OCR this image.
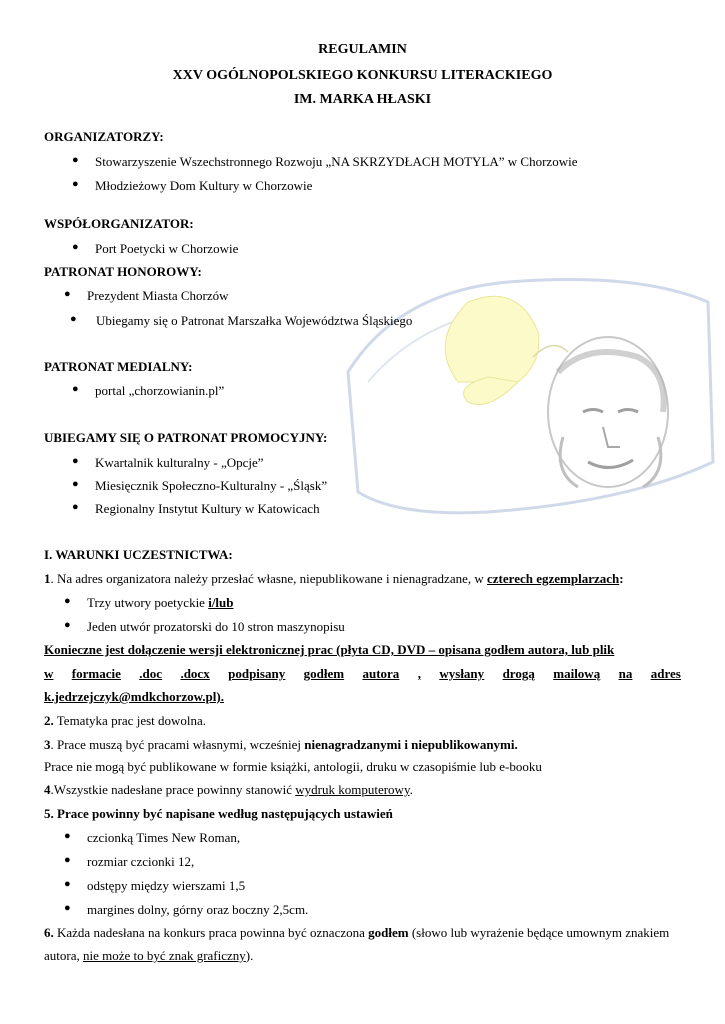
REGULAMIN
XXV OGÓLNOPOLSKIEGO KONKURSU LITERACKIEGO
IM. MARKA HŁASKI
ORGANIZATORZY:
● Stowarzyszenie Wszechstronnego Rozwoju „NA SKRZYDŁACH MOTYLA” w Chorzowie
● Młodzieżowy Dom Kultury w Chorzowie
WSPÓŁORGANIZATOR:
● Port Poetycki w Chorzowie
PATRONAT HONOROWY:
● Prezydent Miasta Chorzów
● Ubiegamy się o Patronat Marszałka Województwa Śląskiego
PATRONAT MEDIALNY:
● portal „chorzowianin.pl”
UBIEGAMY SIĘ O PATRONAT PROMOCYJNY:
● Kwartalnik kulturalny - „Opcje”
● Miesięcznik Społeczno-Kulturalny - „Śląsk”
● Regionalny Instytut Kultury w Katowicach
I. WARUNKI UCZESTNICTWA:
1. Na adres organizatora należy przesłać własne, niepublikowane i nienagradzane, w czterech egzemplarzach:
● Trzy utwory poetyckie i/lub
● Jeden utwór prozatorski do 10 stron maszynopisu
Konieczne jest dołączenie wersji elektronicznej prac (płyta CD, DVD – opisana godłem autora, lub plik
w formacie .doc .docx podpisany godłem autora , wysłany drogą mailową na adres
k.jedrzejczyk@mdkchorzow.pl).
2. Tematyka prac jest dowolna.
3. Prace muszą być pracami własnymi, wcześniej nienagradzanymi i niepublikowanymi.
Prace nie mogą być publikowane w formie książki, antologii, druku w czasopiśmie lub e-booku
4.Wszystkie nadesłane prace powinny stanowić wydruk komputerowy.
5. Prace powinny być napisane według następujących ustawień
● czcionką Times New Roman,
● rozmiar czcionki 12,
● odstępy między wierszami 1,5
● margines dolny, górny oraz boczny 2,5cm.
6. Każda nadesłana na konkurs praca powinna być oznaczona godłem (słowo lub wyrażenie będące umownym znakiem
autora, nie może to być znak graficzny).
